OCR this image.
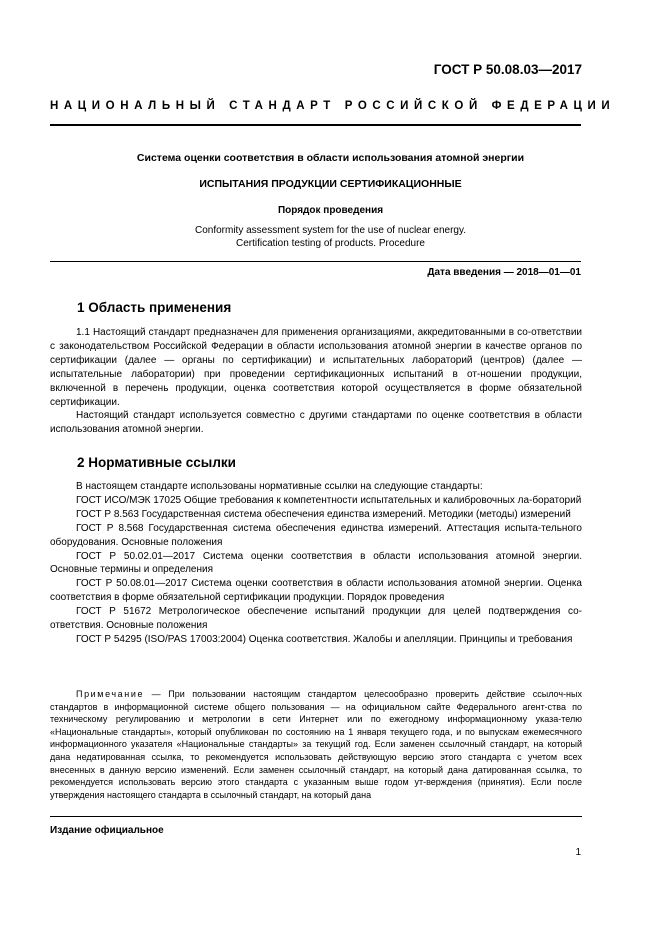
ГОСТ Р 50.08.03—2017
НАЦИОНАЛЬНЫЙ СТАНДАРТ РОССИЙСКОЙ ФЕДЕРАЦИИ
Система оценки соответствия в области использования атомной энергии
ИСПЫТАНИЯ ПРОДУКЦИИ СЕРТИФИКАЦИОННЫЕ
Порядок проведения
Conformity assessment system for the use of nuclear energy.
Certification testing of products. Procedure
Дата введения — 2018—01—01
1 Область применения

1.1 Настоящий стандарт предназначен для применения организациями, аккредитованными в со-ответствии с законодательством Российской Федерации в области использования атомной энергии в качестве органов по сертификации (далее — органы по сертификации) и испытательных лабораторий (центров) (далее — испытательные лаборатории) при проведении сертификационных испытаний в от-ношении продукции, включенной в перечень продукции, оценка соответствия которой осуществляется в форме обязательной сертификации.

Настоящий стандарт используется совместно с другими стандартами по оценке соответствия в области использования атомной энергии.

2 Нормативные ссылки

В настоящем стандарте использованы нормативные ссылки на следующие стандарты:

ГОСТ ИСО/МЭК 17025 Общие требования к компетентности испытательных и калибровочных ла-бораторий

ГОСТ Р 8.563 Государственная система обеспечения единства измерений. Методики (методы) измерений

ГОСТ Р 8.568 Государственная система обеспечения единства измерений. Аттестация испыта-тельного оборудования. Основные положения

ГОСТ Р 50.02.01—2017 Система оценки соответствия в области использования атомной энергии. Основные термины и определения

ГОСТ Р 50.08.01—2017 Система оценки соответствия в области использования атомной энергии. Оценка соответствия в форме обязательной сертификации продукции. Порядок проведения

ГОСТ Р 51672 Метрологическое обеспечение испытаний продукции для целей подтверждения со-ответствия. Основные положения

ГОСТ Р 54295 (ISO/PAS 17003:2004) Оценка соответствия. Жалобы и апелляции. Принципы и требования

Примечание — При пользовании настоящим стандартом целесообразно проверить действие ссылоч-ных стандартов в информационной системе общего пользования — на официальном сайте Федерального агент-ства по техническому регулированию и метрологии в сети Интернет или по ежегодному информационному указа-телю «Национальные стандарты», который опубликован по состоянию на 1 января текущего года, и по выпускам ежемесячного информационного указателя «Национальные стандарты» за текущий год. Если заменен ссылочный стандарт, на который дана недатированная ссылка, то рекомендуется использовать действующую версию этого стандарта с учетом всех внесенных в данную версию изменений. Если заменен ссылочный стандарт, на который дана датированная ссылка, то рекомендуется использовать версию этого стандарта с указанным выше годом ут-верждения (принятия). Если после утверждения настоящего стандарта в ссылочный стандарт, на который дана

Издание официальное
1
